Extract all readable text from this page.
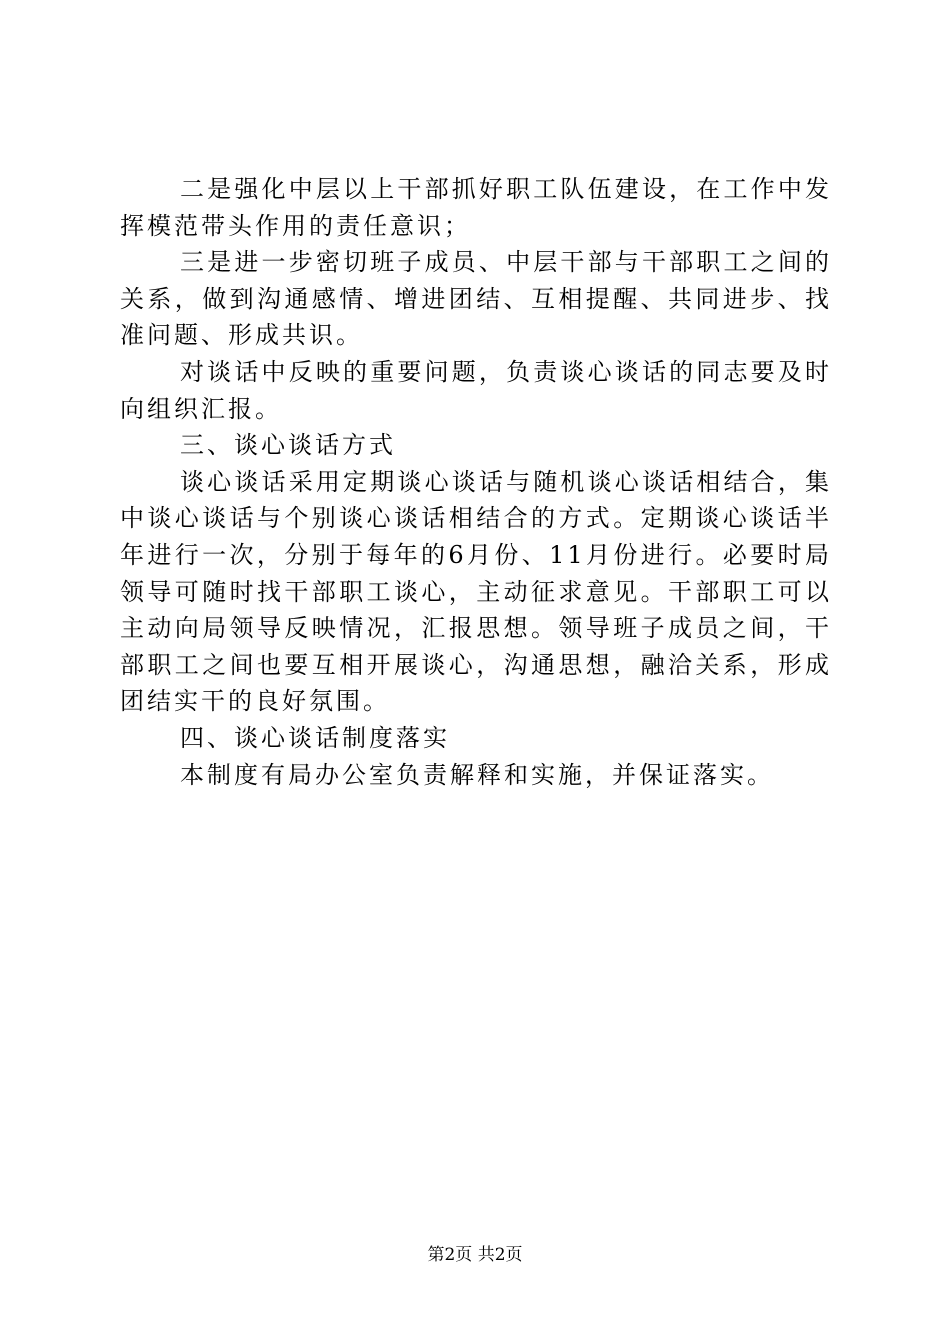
二是强化中层以上干部抓好职工队伍建设，在工作中发挥模范带头作用的责任意识；

三是进一步密切班子成员、中层干部与干部职工之间的关系，做到沟通感情、增进团结、互相提醒、共同进步、找准问题、形成共识。

对谈话中反映的重要问题，负责谈心谈话的同志要及时向组织汇报。

三、谈心谈话方式

谈心谈话采用定期谈心谈话与随机谈心谈话相结合，集中谈心谈话与个别谈心谈话相结合的方式。定期谈心谈话半年进行一次，分别于每年的6月份、11月份进行。必要时局领导可随时找干部职工谈心，主动征求意见。干部职工可以主动向局领导反映情况，汇报思想。领导班子成员之间，干部职工之间也要互相开展谈心，沟通思想，融洽关系，形成团结实干的良好氛围。

四、谈心谈话制度落实

本制度有局办公室负责解释和实施，并保证落实。

第2页 共2页
